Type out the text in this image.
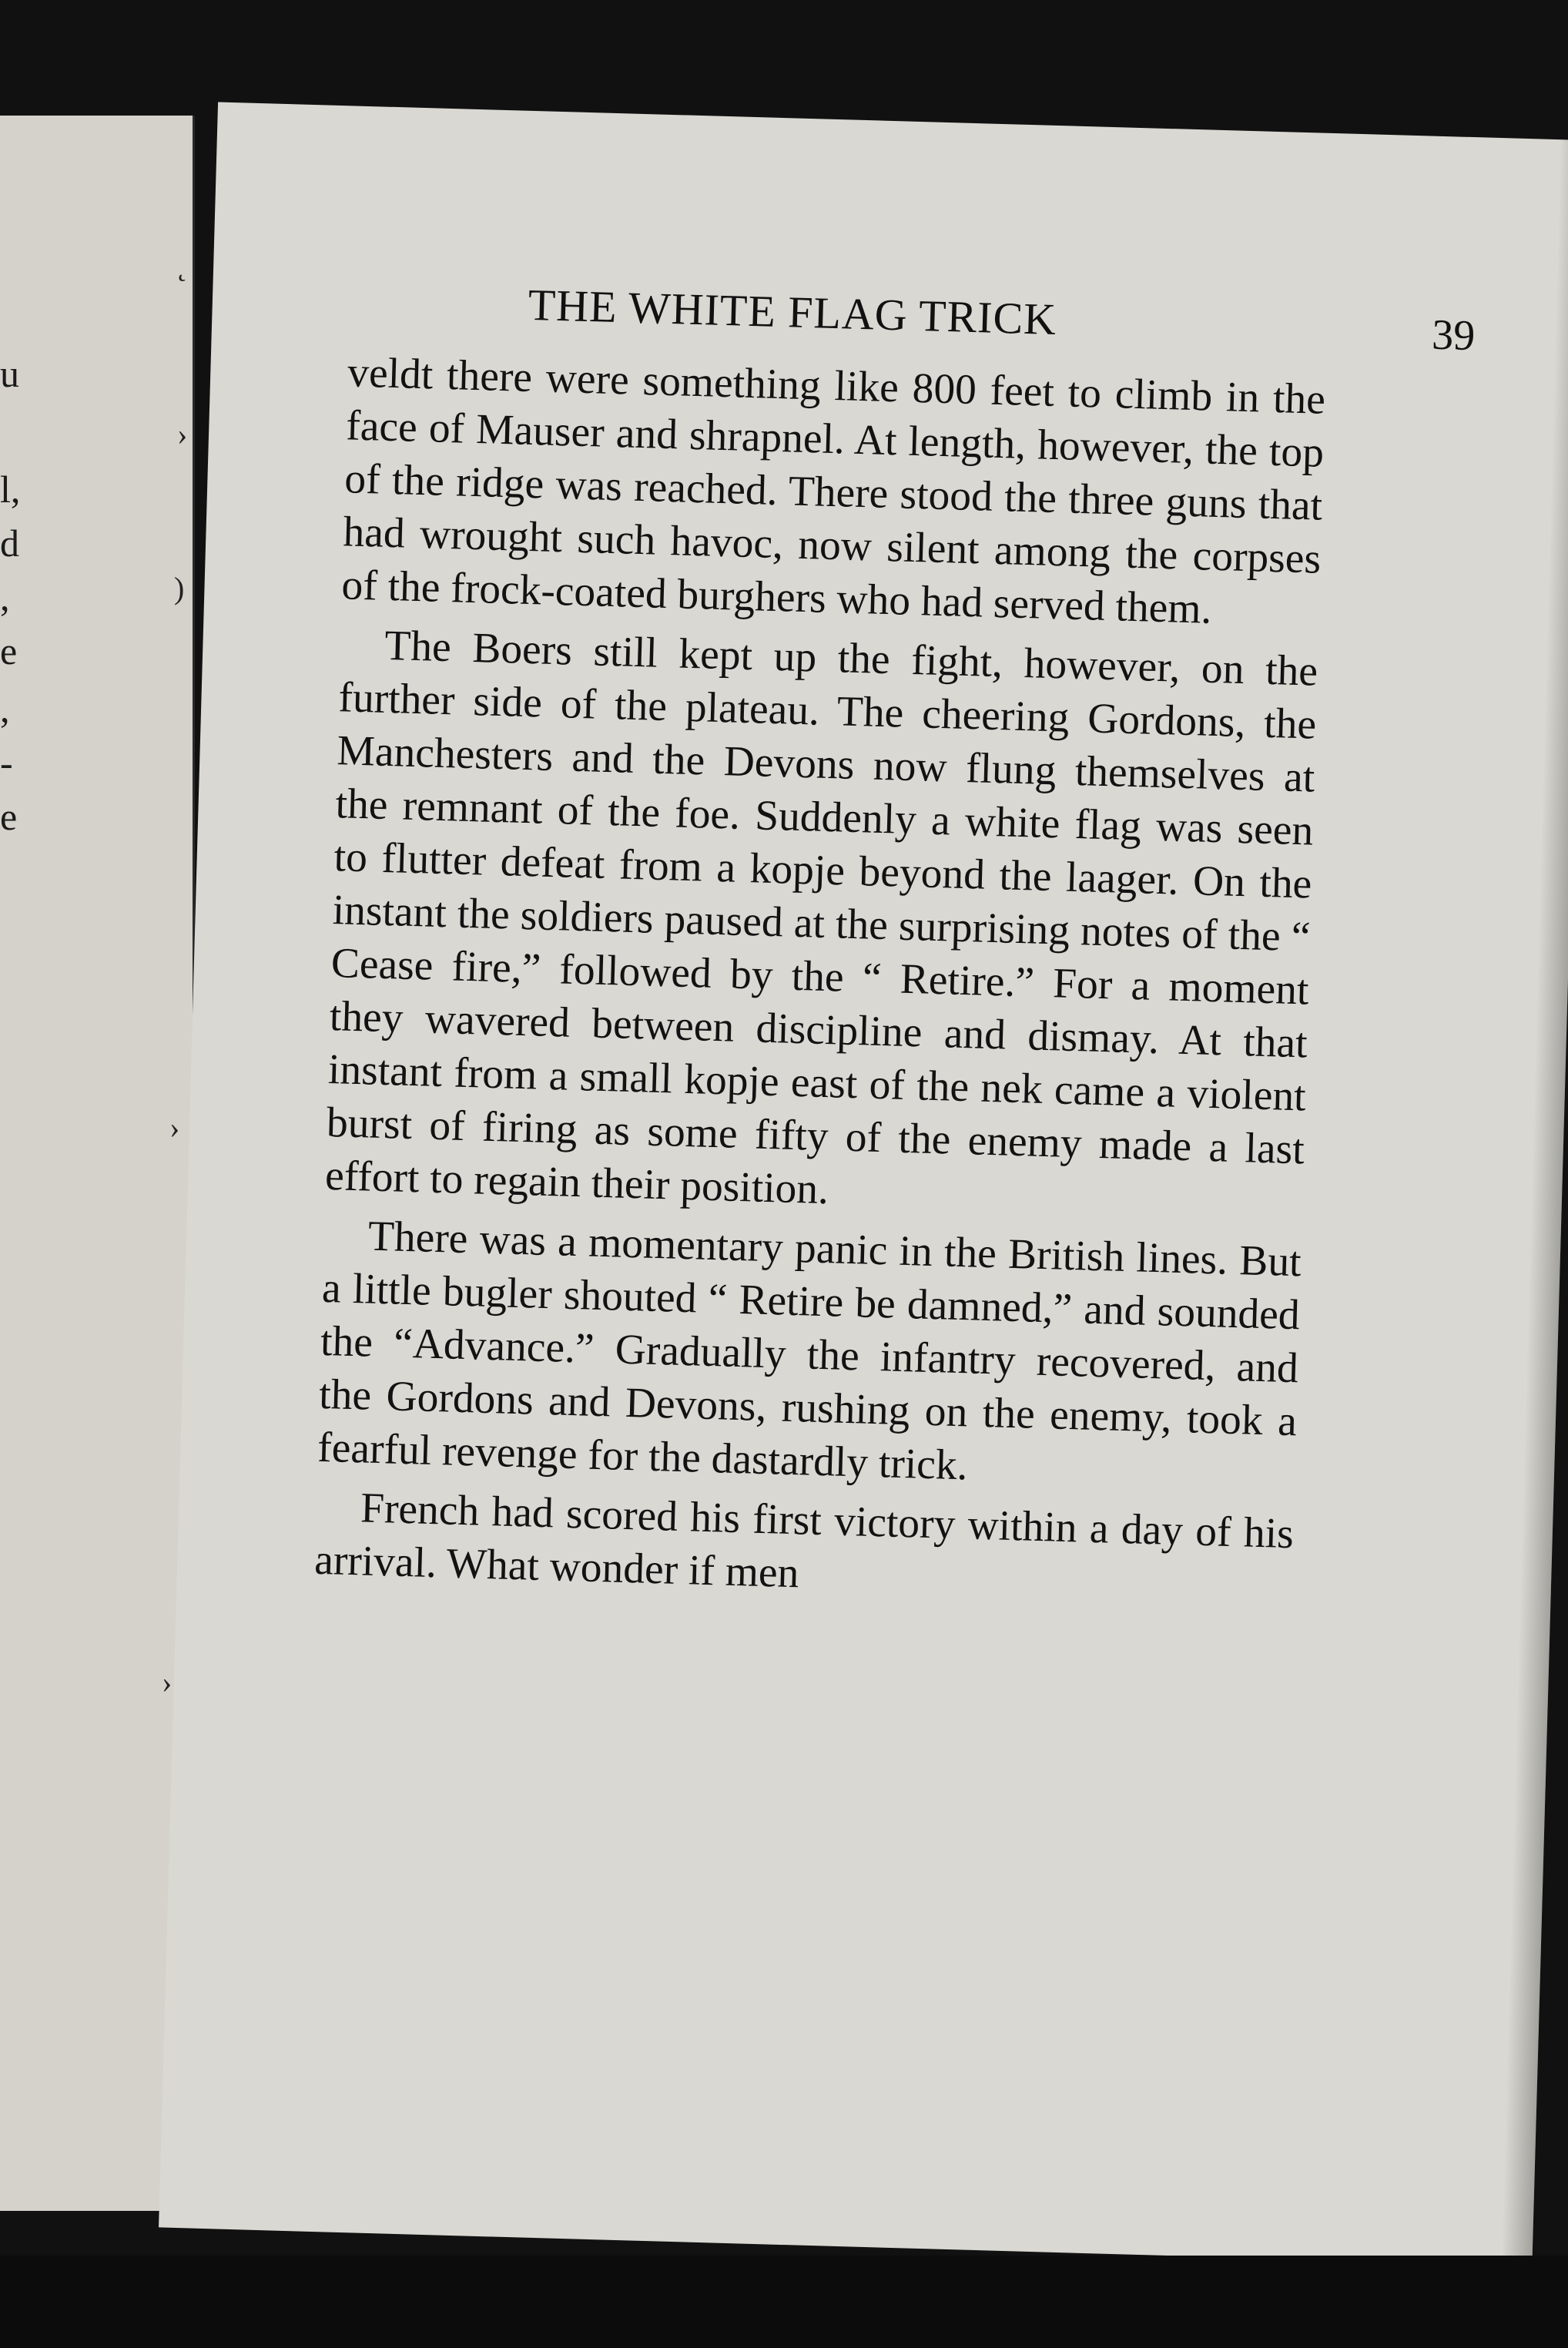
u
l,
d
,
e
,
-
e
˛
›
)
›
›
THE WHITE FLAG TRICK	39

veldt there were something like 800 feet to climb in the face of Mauser and shrapnel. At length, however, the top of the ridge was reached. There stood the three guns that had wrought such havoc, now silent among the corpses of the frock-coated burghers who had served them.

The Boers still kept up the fight, however, on the further side of the plateau. The cheering Gordons, the Manchesters and the Devons now flung themselves at the remnant of the foe. Suddenly a white flag was seen to flutter defeat from a kopje beyond the laager. On the instant the soldiers paused at the surprising notes of the “ Cease fire,” followed by the “ Retire.” For a moment they wavered between discipline and dismay. At that instant from a small kopje east of the nek came a violent burst of firing as some fifty of the enemy made a last effort to regain their position.

There was a momentary panic in the British lines. But a little bugler shouted “ Retire be damned,” and sounded the “Advance.” Gradually the infantry recovered, and the Gordons and Devons, rushing on the enemy, took a fearful revenge for the dastardly trick.

French had scored his first victory within a day of his arrival. What wonder if men
